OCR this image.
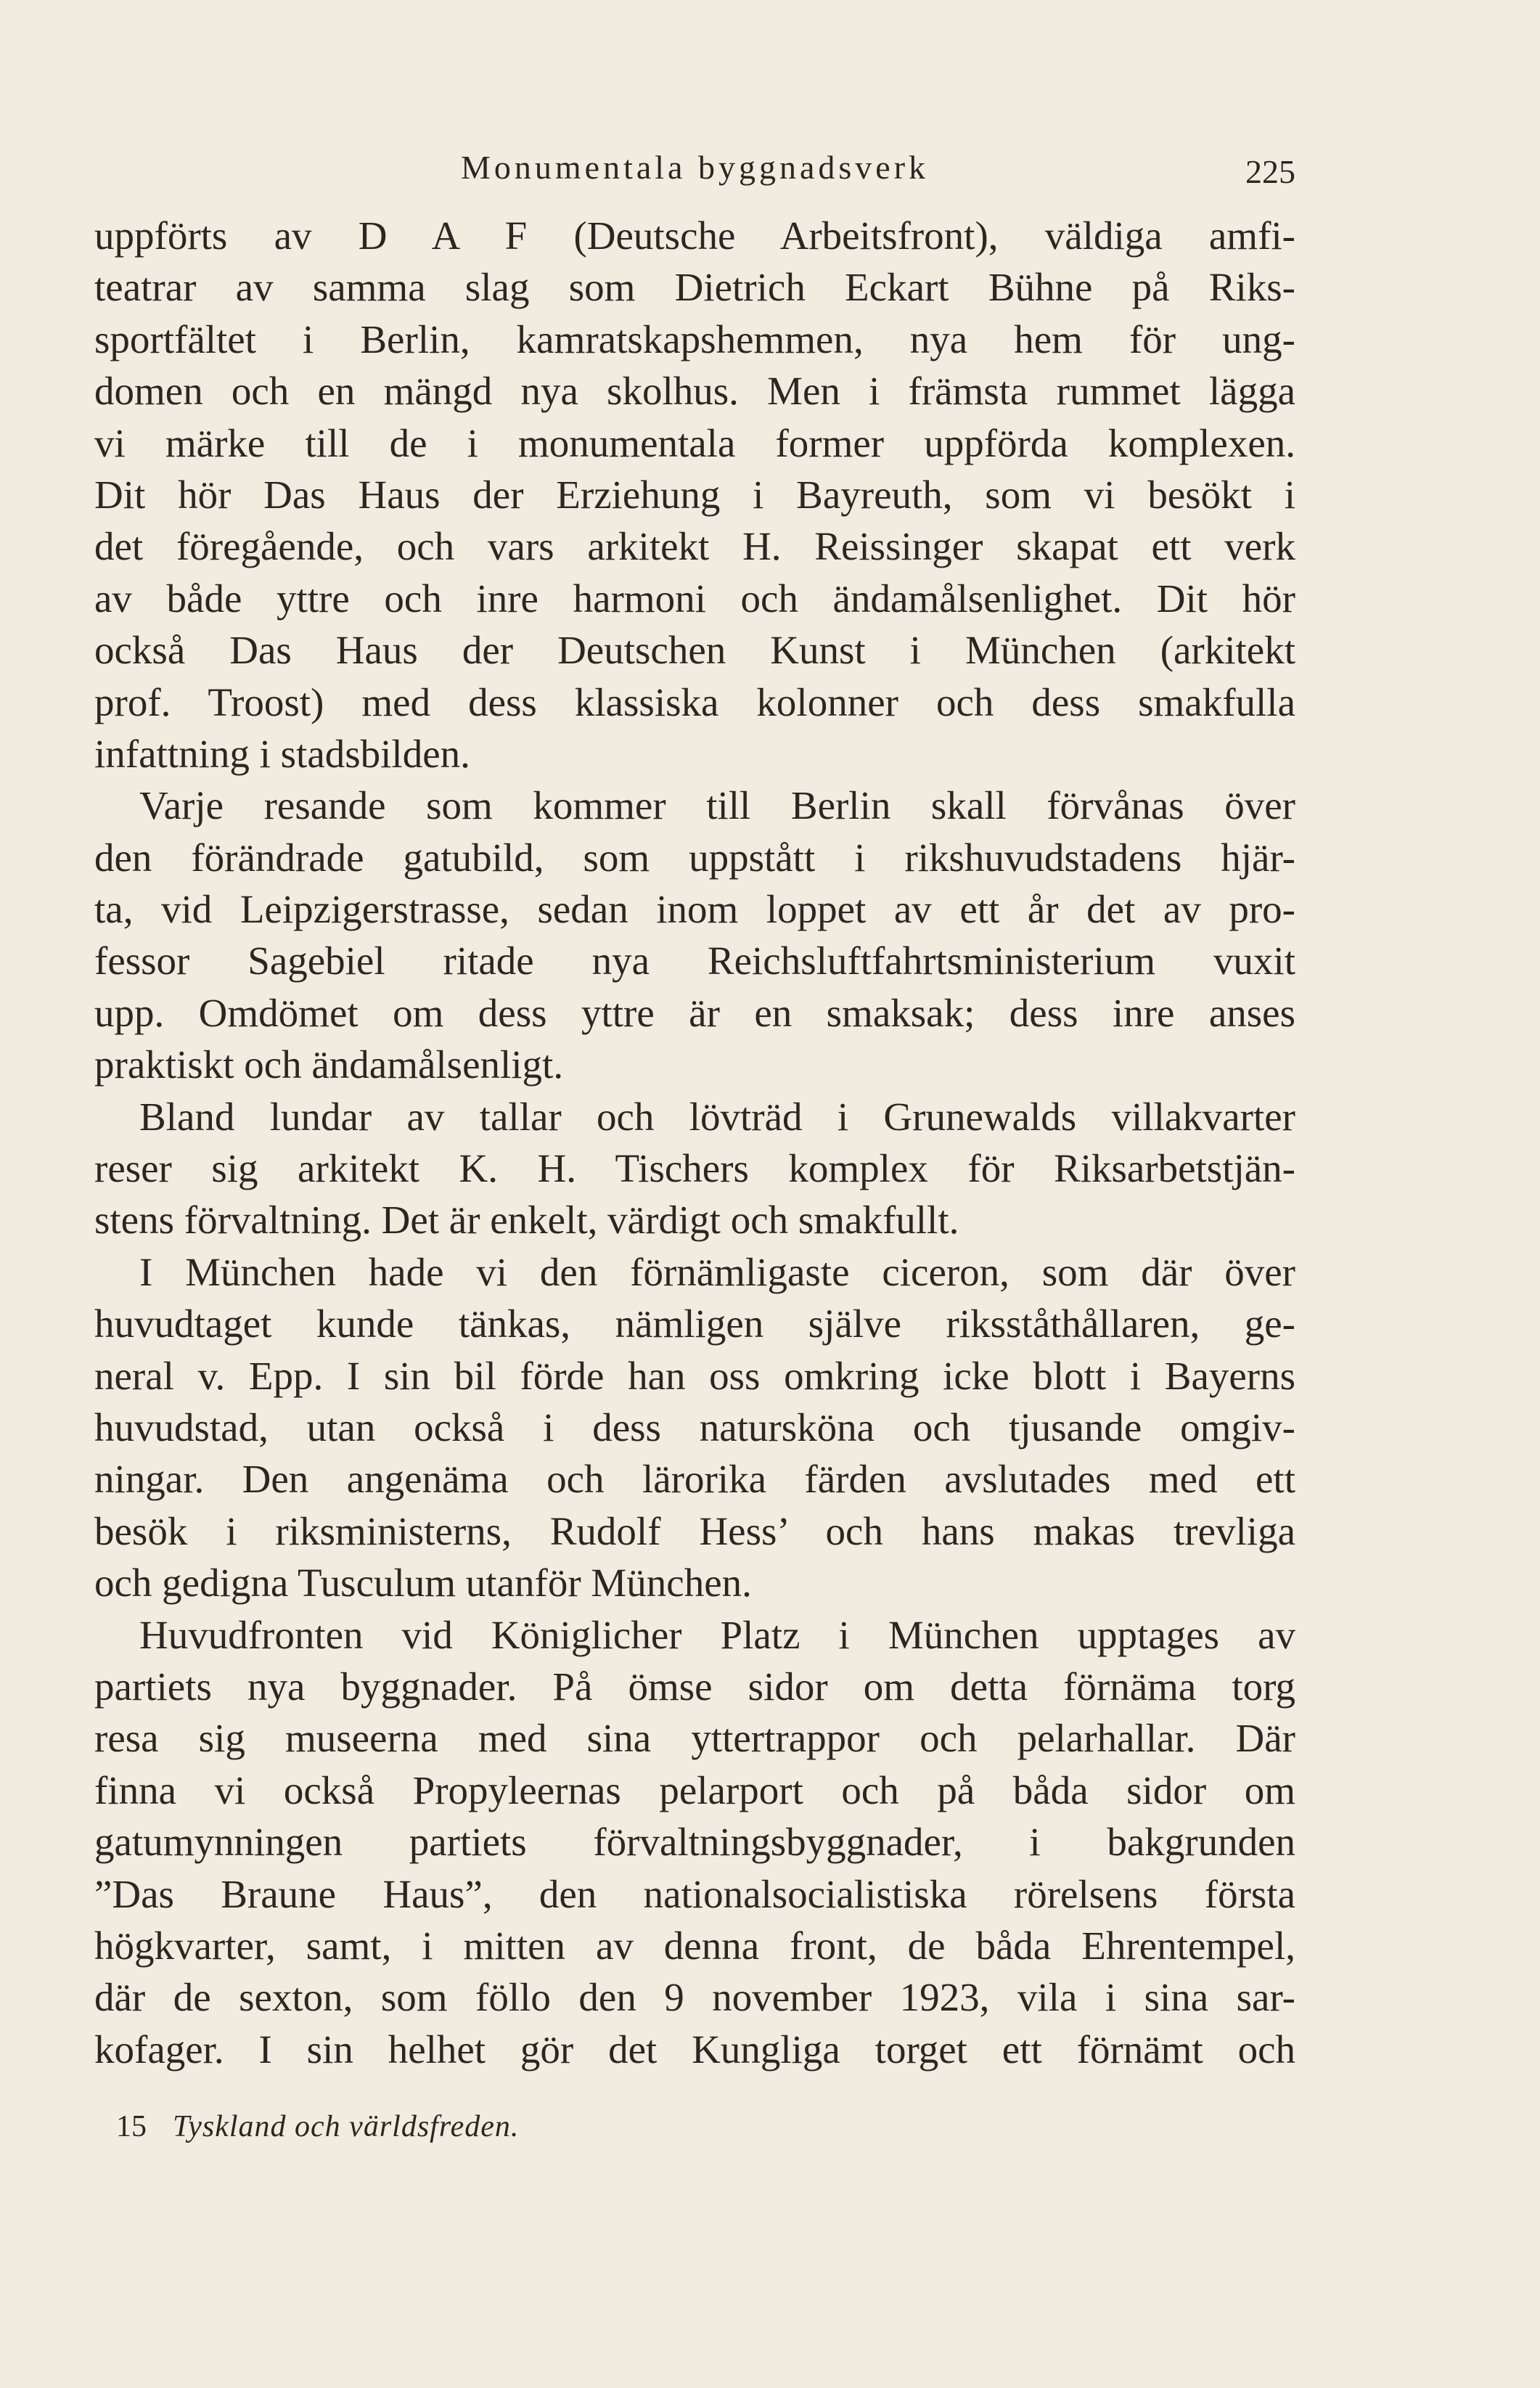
Monumentala byggnadsverk	225
uppförts av D A F (Deutsche Arbeitsfront), väldiga amfi-
teatrar av samma slag som Dietrich Eckart Bühne på Riks-
sportfältet i Berlin, kamratskapshemmen, nya hem för ung-
domen och en mängd nya skolhus. Men i främsta rummet lägga
vi märke till de i monumentala former uppförda komplexen.
Dit hör Das Haus der Erziehung i Bayreuth, som vi besökt i
det föregående, och vars arkitekt H. Reissinger skapat ett verk
av både yttre och inre harmoni och ändamålsenlighet. Dit hör
också Das Haus der Deutschen Kunst i München (arkitekt
prof. Troost) med dess klassiska kolonner och dess smakfulla
infattning i stadsbilden.
Varje resande som kommer till Berlin skall förvånas över
den förändrade gatubild, som uppstått i rikshuvudstadens hjär-
ta, vid Leipzigerstrasse, sedan inom loppet av ett år det av pro-
fessor Sagebiel ritade nya Reichsluftfahrtsministerium vuxit
upp. Omdömet om dess yttre är en smaksak; dess inre anses
praktiskt och ändamålsenligt.
Bland lundar av tallar och lövträd i Grunewalds villakvarter
reser sig arkitekt K. H. Tischers komplex för Riksarbetstjän-
stens förvaltning. Det är enkelt, värdigt och smakfullt.
I München hade vi den förnämligaste ciceron, som där över
huvudtaget kunde tänkas, nämligen själve riksståthållaren, ge-
neral v. Epp. I sin bil förde han oss omkring icke blott i Bayerns
huvudstad, utan också i dess natursköna och tjusande omgiv-
ningar. Den angenäma och lärorika färden avslutades med ett
besök i riksministerns, Rudolf Hess’ och hans makas trevliga
och gedigna Tusculum utanför München.
Huvudfronten vid Königlicher Platz i München upptages av
partiets nya byggnader. På ömse sidor om detta förnäma torg
resa sig museerna med sina yttertrappor och pelarhallar. Där
finna vi också Propyleernas pelarport och på båda sidor om
gatumynningen partiets förvaltningsbyggnader, i bakgrunden
”Das Braune Haus”, den nationalsocialistiska rörelsens första
högkvarter, samt, i mitten av denna front, de båda Ehrentempel,
där de sexton, som föllo den 9 november 1923, vila i sina sar-
kofager. I sin helhet gör det Kungliga torget ett förnämt och
15 Tyskland och världsfreden.
